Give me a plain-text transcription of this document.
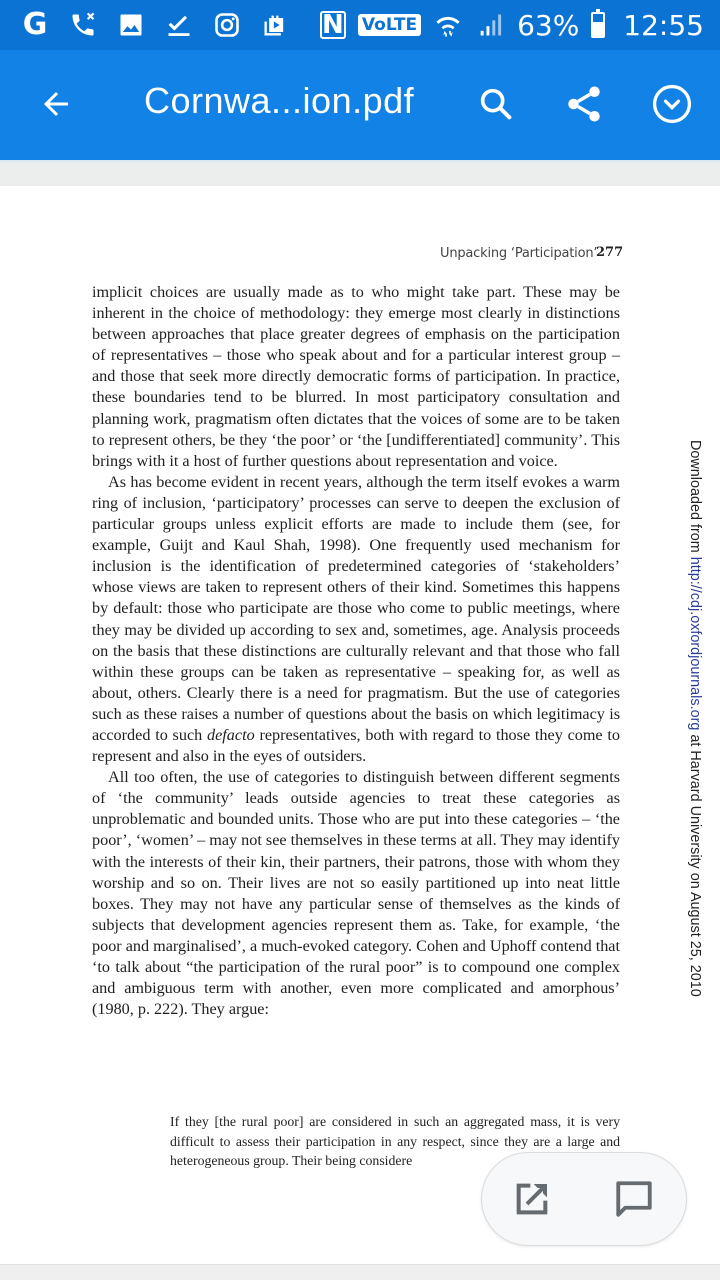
G	N VoLTE	63% 12:55
Cornwa...ion.pdf
Unpacking ‘Participation’
277

implicit choices are usually made as to who might take part. These may be inherent in the choice of methodology: they emerge most clearly in distinctions between approaches that place greater degrees of emphasis on the participation of representatives – those who speak about and for a particular interest group – and those that seek more directly democratic forms of participation. In practice, these boundaries tend to be blurred. In most participatory consultation and planning work, pragmatism often dictates that the voices of some are to be taken to represent others, be they ‘the poor’ or ‘the [undifferentiated] community’. This brings with it a host of further questions about representation and voice.

As has become evident in recent years, although the term itself evokes a warm ring of inclusion, ‘participatory’ processes can serve to deepen the exclusion of particular groups unless explicit efforts are made to include them (see, for example, Guijt and Kaul Shah, 1998). One frequently used mechanism for inclusion is the identification of predetermined categories of ‘stakeholders’ whose views are taken to represent others of their kind. Sometimes this happens by default: those who participate are those who come to public meetings, where they may be divided up according to sex and, sometimes, age. Analysis proceeds on the basis that these distinctions are culturally relevant and that those who fall within these groups can be taken as representative – speaking for, as well as about, others. Clearly there is a need for pragmatism. But the use of categories such as these raises a number of questions about the basis on which legitimacy is accorded to such defacto representatives, both with regard to those they come to represent and also in the eyes of outsiders.

All too often, the use of categories to distinguish between different segments of ‘the community’ leads outside agencies to treat these categories as unproblematic and bounded units. Those who are put into these categories – ‘the poor’, ‘women’ – may not see themselves in these terms at all. They may identify with the interests of their kin, their partners, their patrons, those with whom they worship and so on. Their lives are not so easily partitioned up into neat little boxes. They may not have any particular sense of themselves as the kinds of subjects that development agencies represent them as. Take, for example, ‘the poor and marginalised’, a much-evoked category. Cohen and Uphoff contend that ‘to talk about “the participation of the rural poor” is to compound one complex and ambiguous term with another, even more complicated and amorphous’ (1980, p. 222). They argue:

If they [the rural poor] are considered in such an aggregated mass, it is very difficult to assess their participation in any respect, since they are a large and heterogeneous group. Their being considere
Downloaded from http://cdj.oxfordjournals.org at Harvard University on August 25, 2010
